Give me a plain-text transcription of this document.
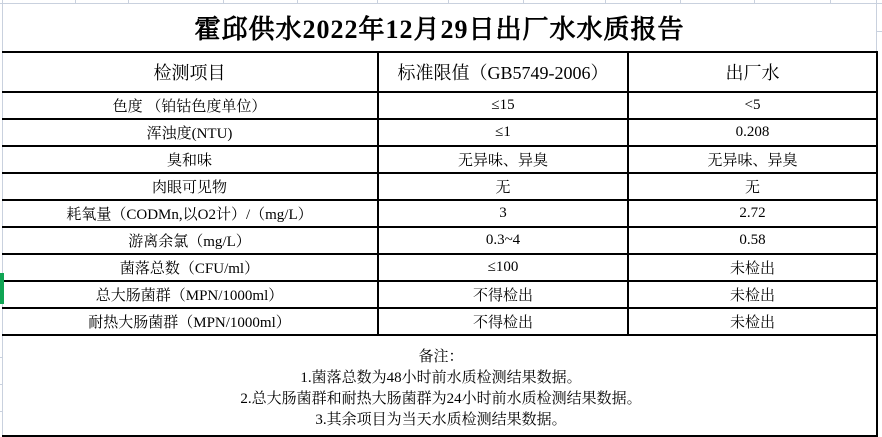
霍邱供水2022年12月29日出厂水水质报告		
检测项目	标准限值（GB5749-2006）	出厂水
色度 （铂钴色度单位）	≤15	<5
浑浊度(NTU)	≤1	0.208
臭和味	无异味、异臭	无异味、异臭
肉眼可见物	无	无
耗氧量（CODMn,以O2计）/（mg/L）	3	2.72
游离余氯（mg/L）	0.3~4	0.58
菌落总数（CFU/ml）	≤100	未检出
总大肠菌群（MPN/1000ml）	不得检出	未检出
耐热大肠菌群（MPN/1000ml）	不得检出	未检出

备注：
1.菌落总数为48小时前水质检测结果数据。
2.总大肠菌群和耐热大肠菌群为24小时前水质检测结果数据。
3.其余项目为当天水质检测结果数据。		
